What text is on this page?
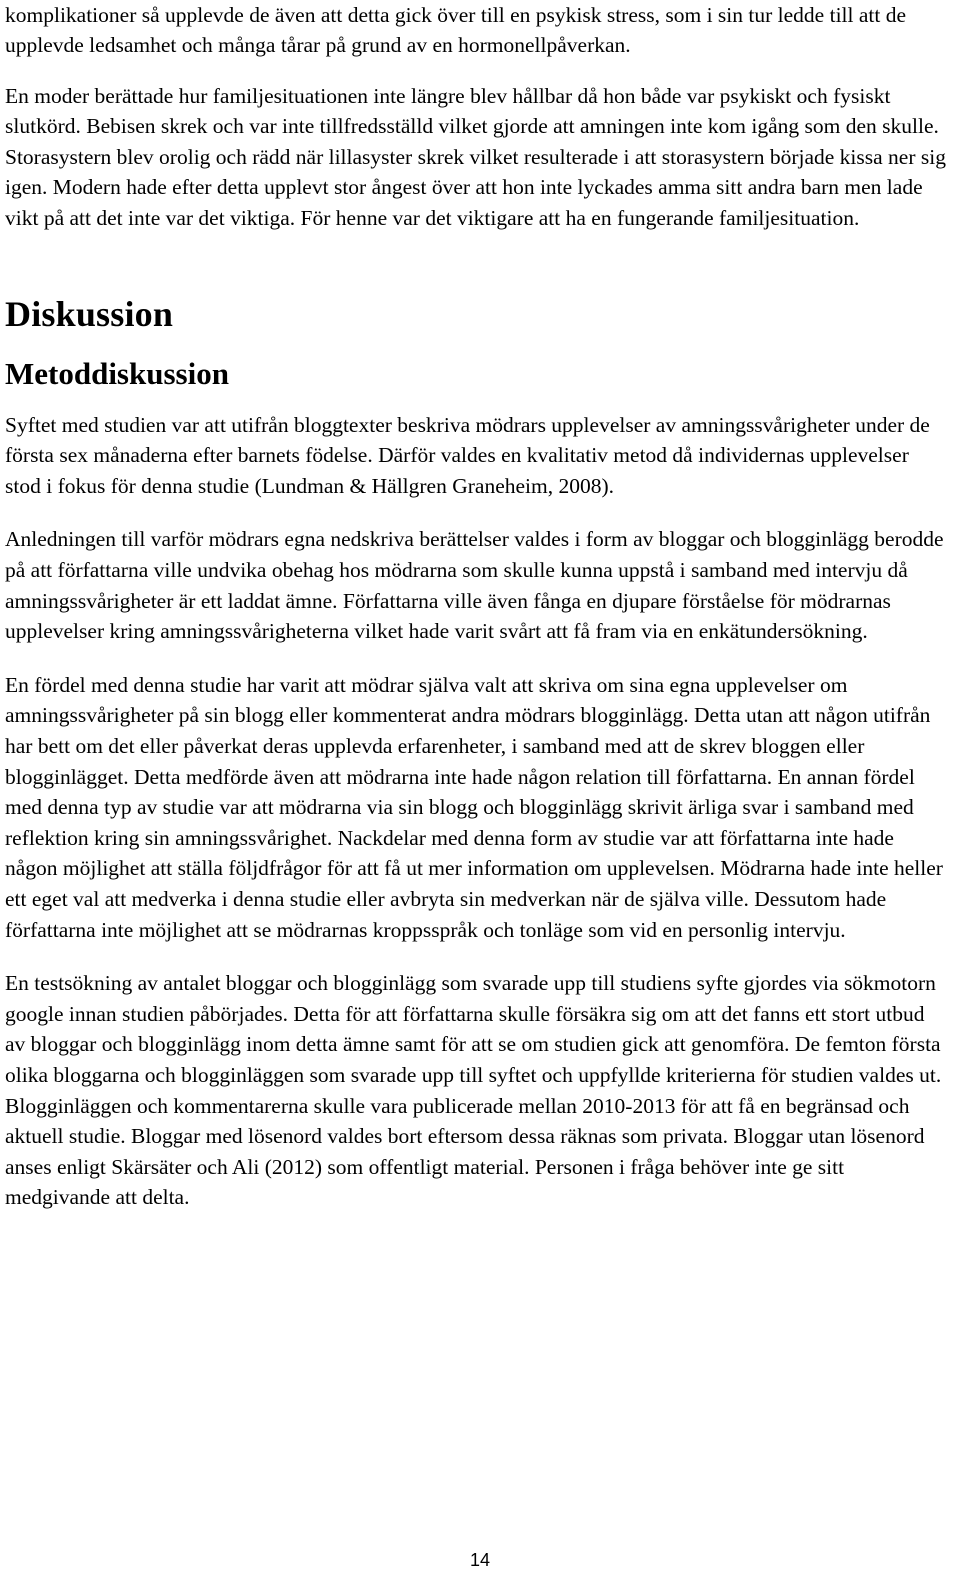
komplikationer så upplevde de även att detta gick över till en psykisk stress, som i sin tur ledde till att de upplevde ledsamhet och många tårar på grund av en hormonellpåverkan.

En moder berättade hur familjesituationen inte längre blev hållbar då hon både var psykiskt och fysiskt slutkörd. Bebisen skrek och var inte tillfredsställd vilket gjorde att amningen inte kom igång som den skulle. Storasystern blev orolig och rädd när lillasyster skrek vilket resulterade i att storasystern började kissa ner sig igen. Modern hade efter detta upplevt stor ångest över att hon inte lyckades amma sitt andra barn men lade vikt på att det inte var det viktiga. För henne var det viktigare att ha en fungerande familjesituation.

Diskussion
Metoddiskussion

Syftet med studien var att utifrån bloggtexter beskriva mödrars upplevelser av amningssvårigheter under de första sex månaderna efter barnets födelse. Därför valdes en kvalitativ metod då individernas upplevelser stod i fokus för denna studie (Lundman & Hällgren Graneheim, 2008).

Anledningen till varför mödrars egna nedskriva berättelser valdes i form av bloggar och blogginlägg berodde på att författarna ville undvika obehag hos mödrarna som skulle kunna uppstå i samband med intervju då amningssvårigheter är ett laddat ämne. Författarna ville även fånga en djupare förståelse för mödrarnas upplevelser kring amningssvårigheterna vilket hade varit svårt att få fram via en enkätundersökning.

En fördel med denna studie har varit att mödrar själva valt att skriva om sina egna upplevelser om amningssvårigheter på sin blogg eller kommenterat andra mödrars blogginlägg. Detta utan att någon utifrån har bett om det eller påverkat deras upplevda erfarenheter, i samband med att de skrev bloggen eller blogginlägget. Detta medförde även att mödrarna inte hade någon relation till författarna. En annan fördel med denna typ av studie var att mödrarna via sin blogg och blogginlägg skrivit ärliga svar i samband med reflektion kring sin amningssvårighet. Nackdelar med denna form av studie var att författarna inte hade någon möjlighet att ställa följdfrågor för att få ut mer information om upplevelsen. Mödrarna hade inte heller ett eget val att medverka i denna studie eller avbryta sin medverkan när de själva ville. Dessutom hade författarna inte möjlighet att se mödrarnas kroppsspråk och tonläge som vid en personlig intervju.

En testsökning av antalet bloggar och blogginlägg som svarade upp till studiens syfte gjordes via sökmotorn google innan studien påbörjades. Detta för att författarna skulle försäkra sig om att det fanns ett stort utbud av bloggar och blogginlägg inom detta ämne samt för att se om studien gick att genomföra. De femton första olika bloggarna och blogginläggen som svarade upp till syftet och uppfyllde kriterierna för studien valdes ut. Blogginläggen och kommentarerna skulle vara publicerade mellan 2010-2013 för att få en begränsad och aktuell studie. Bloggar med lösenord valdes bort eftersom dessa räknas som privata. Bloggar utan lösenord anses enligt Skärsäter och Ali (2012) som offentligt material. Personen i fråga behöver inte ge sitt medgivande att delta.

14
